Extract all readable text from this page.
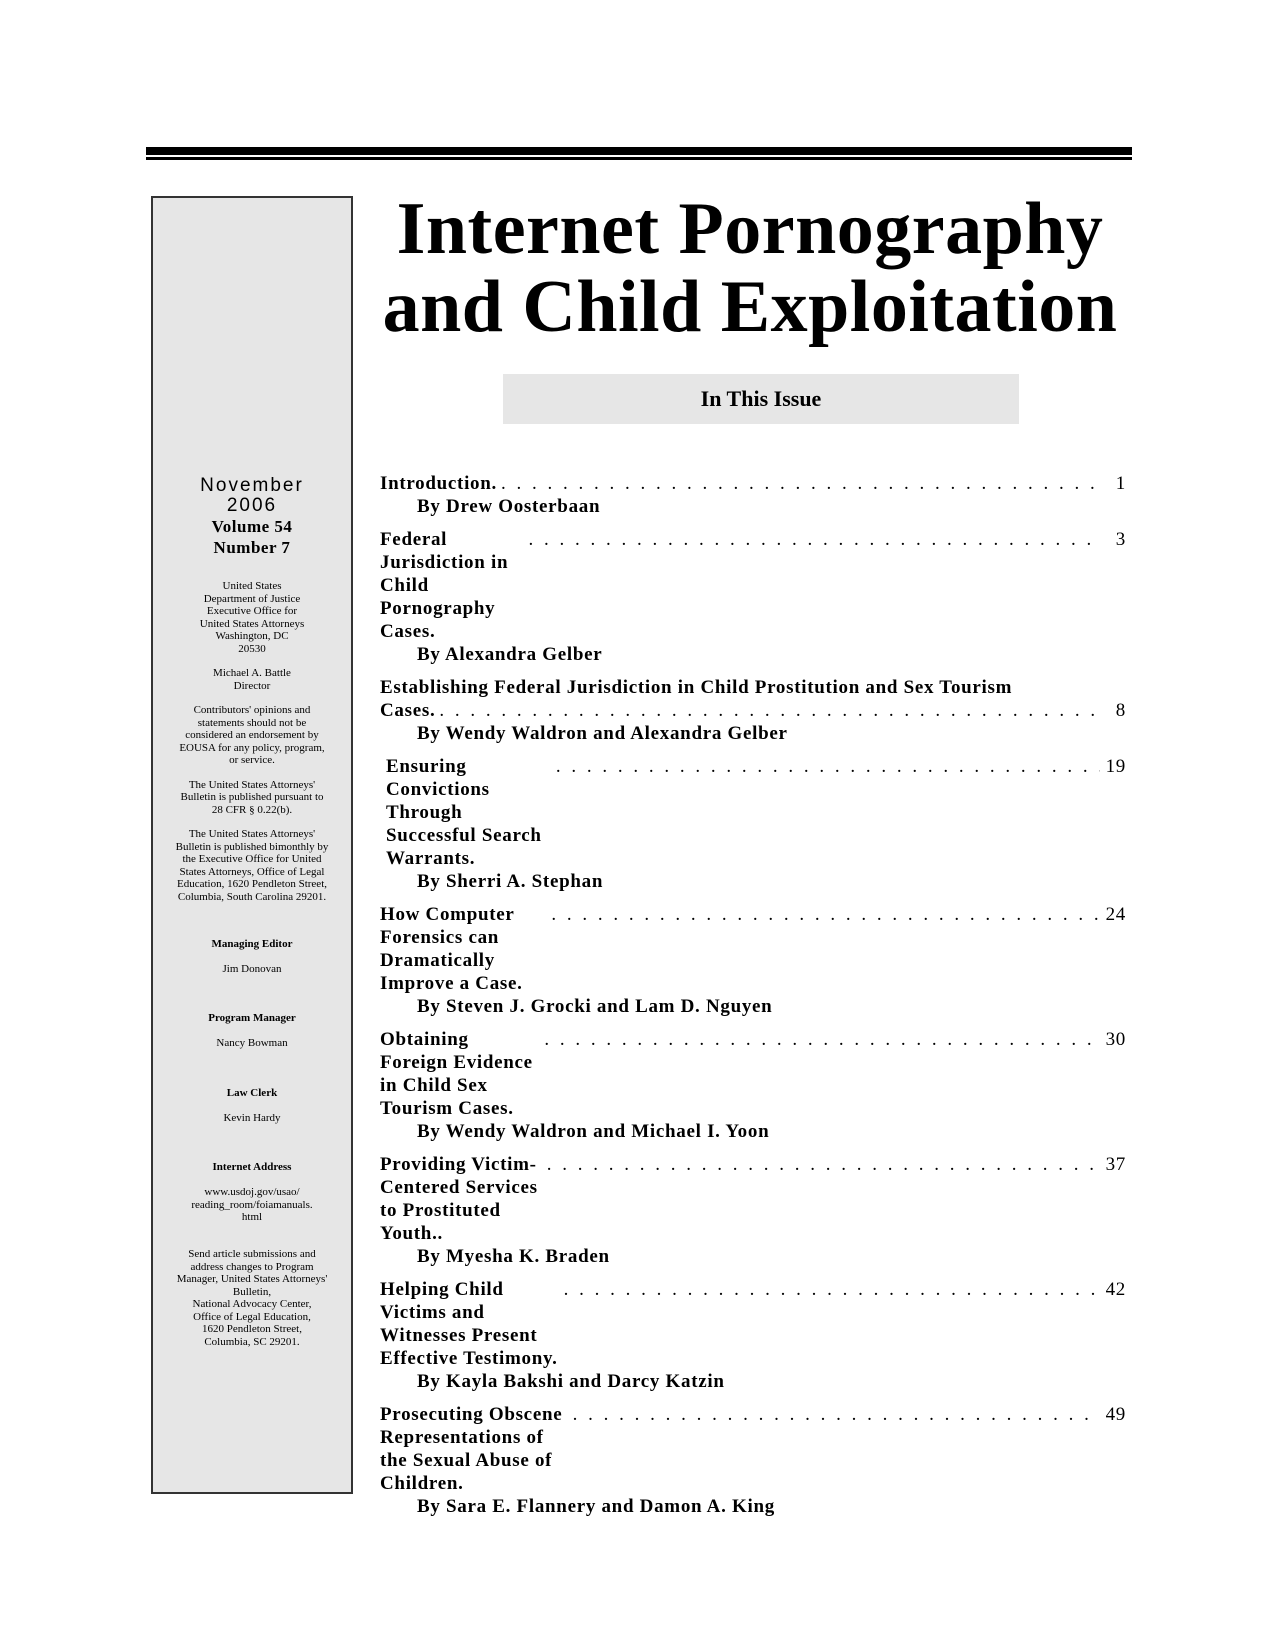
November
2006
Volume 54
Number 7
United States
Department of Justice
Executive Office for
United States Attorneys
Washington, DC
20530
Michael A. Battle
Director
Contributors' opinions and
statements should not be
considered an endorsement by
EOUSA for any policy, program,
or service.
The United States Attorneys'
Bulletin is published pursuant to
28 CFR § 0.22(b).
The United States Attorneys'
Bulletin is published bimonthly by
the Executive Office for United
States Attorneys, Office of Legal
Education, 1620 Pendleton Street,
Columbia, South Carolina 29201.

Managing Editor

Jim Donovan

Program Manager

Nancy Bowman

Law Clerk

Kevin Hardy

Internet Address

www.usdoj.gov/usao/
reading_room/foiamanuals.
html

Send article submissions and
address changes to Program
Manager, United States Attorneys'
Bulletin,
National Advocacy Center,
Office of Legal Education,
1620 Pendleton Street,
Columbia, SC 29201.
Internet Pornography
and Child Exploitation
In This Issue
Introduction. . . .	1
By Drew Oosterbaan
Federal Jurisdiction in Child Pornography Cases.
. . .
3
By Alexandra Gelber
Establishing Federal Jurisdiction in Child Prostitution and Sex Tourism
Cases. . . .	8
By Wendy Waldron and Alexandra Gelber
Ensuring Convictions Through Successful Search Warrants.
. . .
19
By Sherri A. Stephan
How Computer Forensics can Dramatically Improve a Case.
. . .
24
By Steven J. Grocki and Lam D. Nguyen
Obtaining Foreign Evidence in Child Sex Tourism Cases.
. . .
30
By Wendy Waldron and Michael I. Yoon
Providing Victim-Centered Services to Prostituted Youth..
. . .
37
By Myesha K. Braden
Helping Child Victims and Witnesses Present Effective Testimony.
. . .
42
By Kayla Bakshi and Darcy Katzin
Prosecuting Obscene Representations of the Sexual Abuse of Children.
. . .
49
By Sara E. Flannery and Damon A. King
